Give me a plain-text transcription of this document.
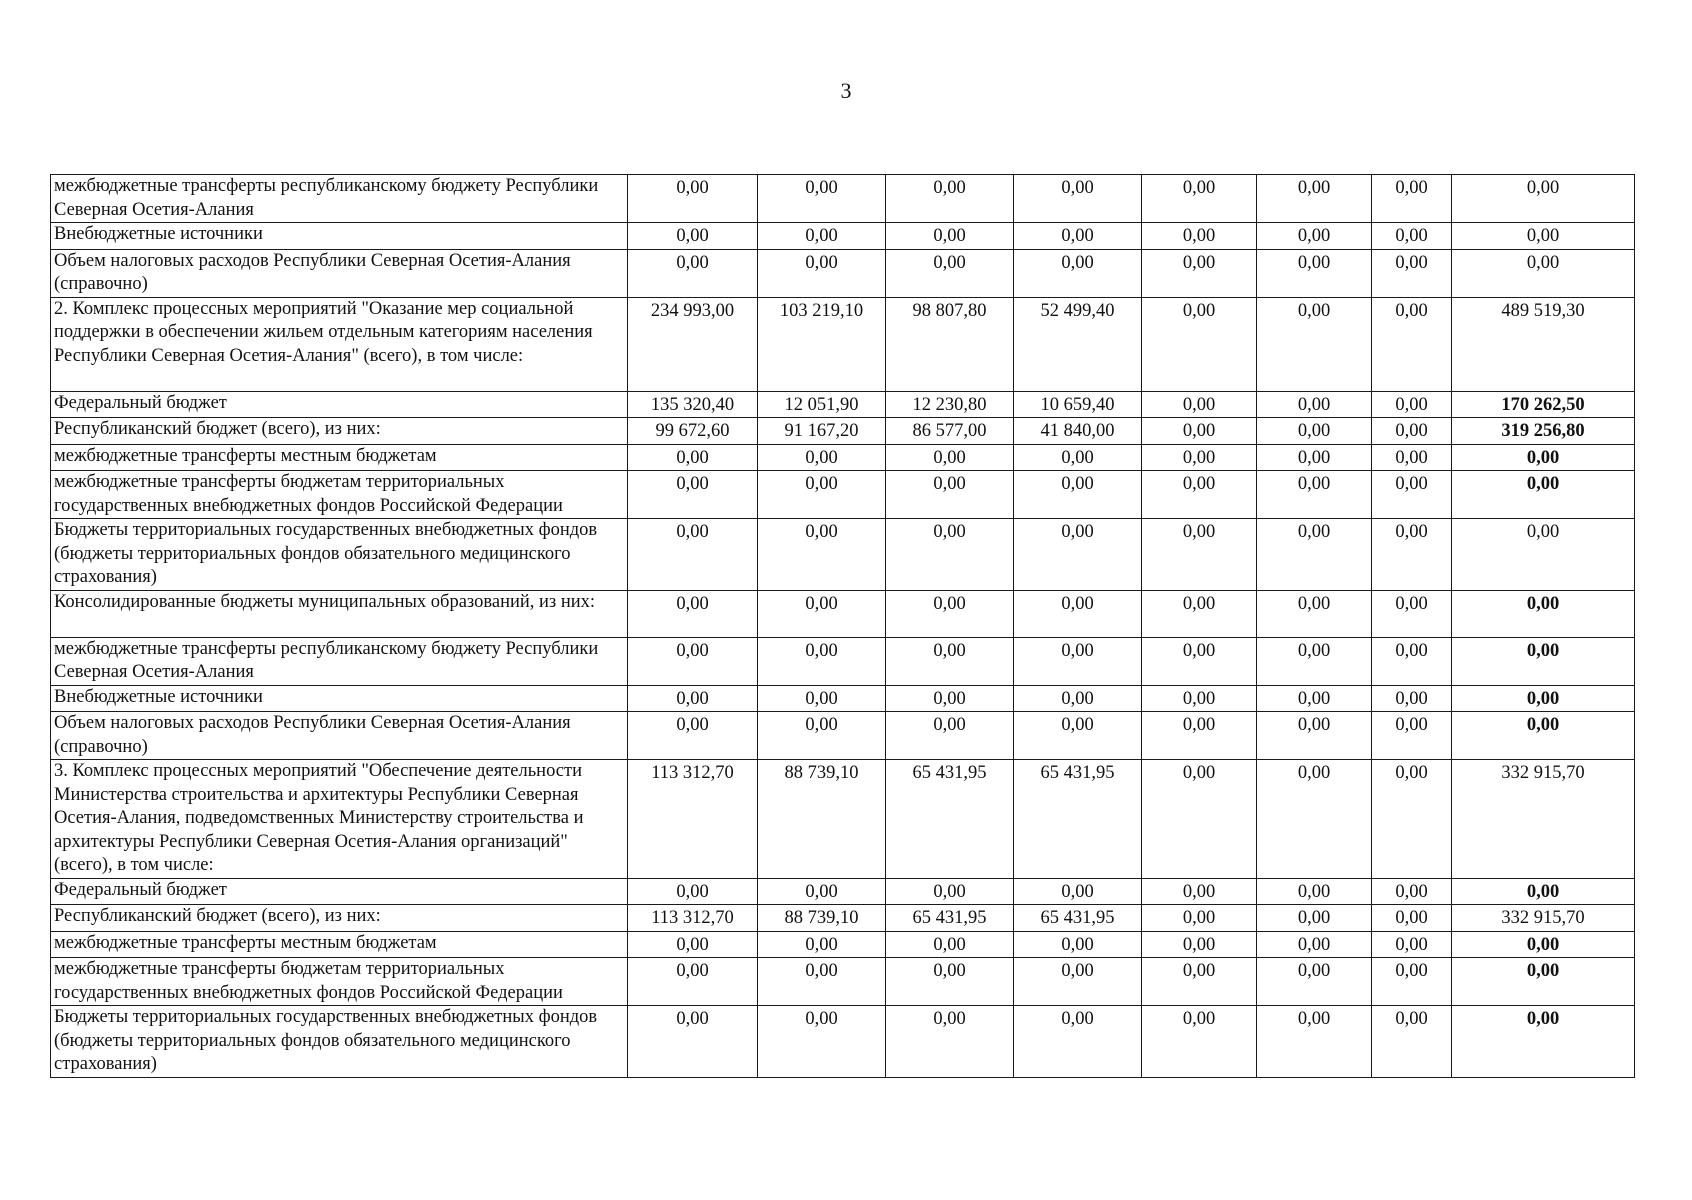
3
межбюджетные трансферты республиканскому бюджету Республики Северная Осетия-Алания	0,00	0,00	0,00	0,00	0,00	0,00	0,00	0,00
Внебюджетные источники	0,00	0,00	0,00	0,00	0,00	0,00	0,00	0,00
Объем налоговых расходов Республики Северная Осетия-Алания (справочно)	0,00	0,00	0,00	0,00	0,00	0,00	0,00	0,00
2. Комплекс процессных мероприятий "Оказание мер социальной поддержки в обеспечении жильем отдельным категориям населения Республики Северная Осетия-Алания" (всего), в том числе:	234 993,00	103 219,10	98 807,80	52 499,40	0,00	0,00	0,00	489 519,30
Федеральный бюджет	135 320,40	12 051,90	12 230,80	10 659,40	0,00	0,00	0,00	170 262,50
Республиканский бюджет (всего), из них:	99 672,60	91 167,20	86 577,00	41 840,00	0,00	0,00	0,00	319 256,80
межбюджетные трансферты местным бюджетам	0,00	0,00	0,00	0,00	0,00	0,00	0,00	0,00
межбюджетные трансферты бюджетам территориальных государственных внебюджетных фондов Российской Федерации	0,00	0,00	0,00	0,00	0,00	0,00	0,00	0,00
Бюджеты территориальных государственных внебюджетных фондов (бюджеты территориальных фондов обязательного медицинского страхования)	0,00	0,00	0,00	0,00	0,00	0,00	0,00	0,00
Консолидированные бюджеты муниципальных образований, из них:	0,00	0,00	0,00	0,00	0,00	0,00	0,00	0,00
межбюджетные трансферты республиканскому бюджету Республики Северная Осетия-Алания	0,00	0,00	0,00	0,00	0,00	0,00	0,00	0,00
Внебюджетные источники	0,00	0,00	0,00	0,00	0,00	0,00	0,00	0,00
Объем налоговых расходов Республики Северная Осетия-Алания (справочно)	0,00	0,00	0,00	0,00	0,00	0,00	0,00	0,00
3. Комплекс процессных мероприятий "Обеспечение деятельности Министерства строительства и архитектуры Республики Северная Осетия-Алания, подведомственных Министерству строительства и архитектуры Республики Северная Осетия-Алания организаций" (всего), в том числе:	113 312,70	88 739,10	65 431,95	65 431,95	0,00	0,00	0,00	332 915,70
Федеральный бюджет	0,00	0,00	0,00	0,00	0,00	0,00	0,00	0,00
Республиканский бюджет (всего), из них:	113 312,70	88 739,10	65 431,95	65 431,95	0,00	0,00	0,00	332 915,70
межбюджетные трансферты местным бюджетам	0,00	0,00	0,00	0,00	0,00	0,00	0,00	0,00
межбюджетные трансферты бюджетам территориальных государственных внебюджетных фондов Российской Федерации	0,00	0,00	0,00	0,00	0,00	0,00	0,00	0,00
Бюджеты территориальных государственных внебюджетных фондов (бюджеты территориальных фондов обязательного медицинского страхования)	0,00	0,00	0,00	0,00	0,00	0,00	0,00	0,00
